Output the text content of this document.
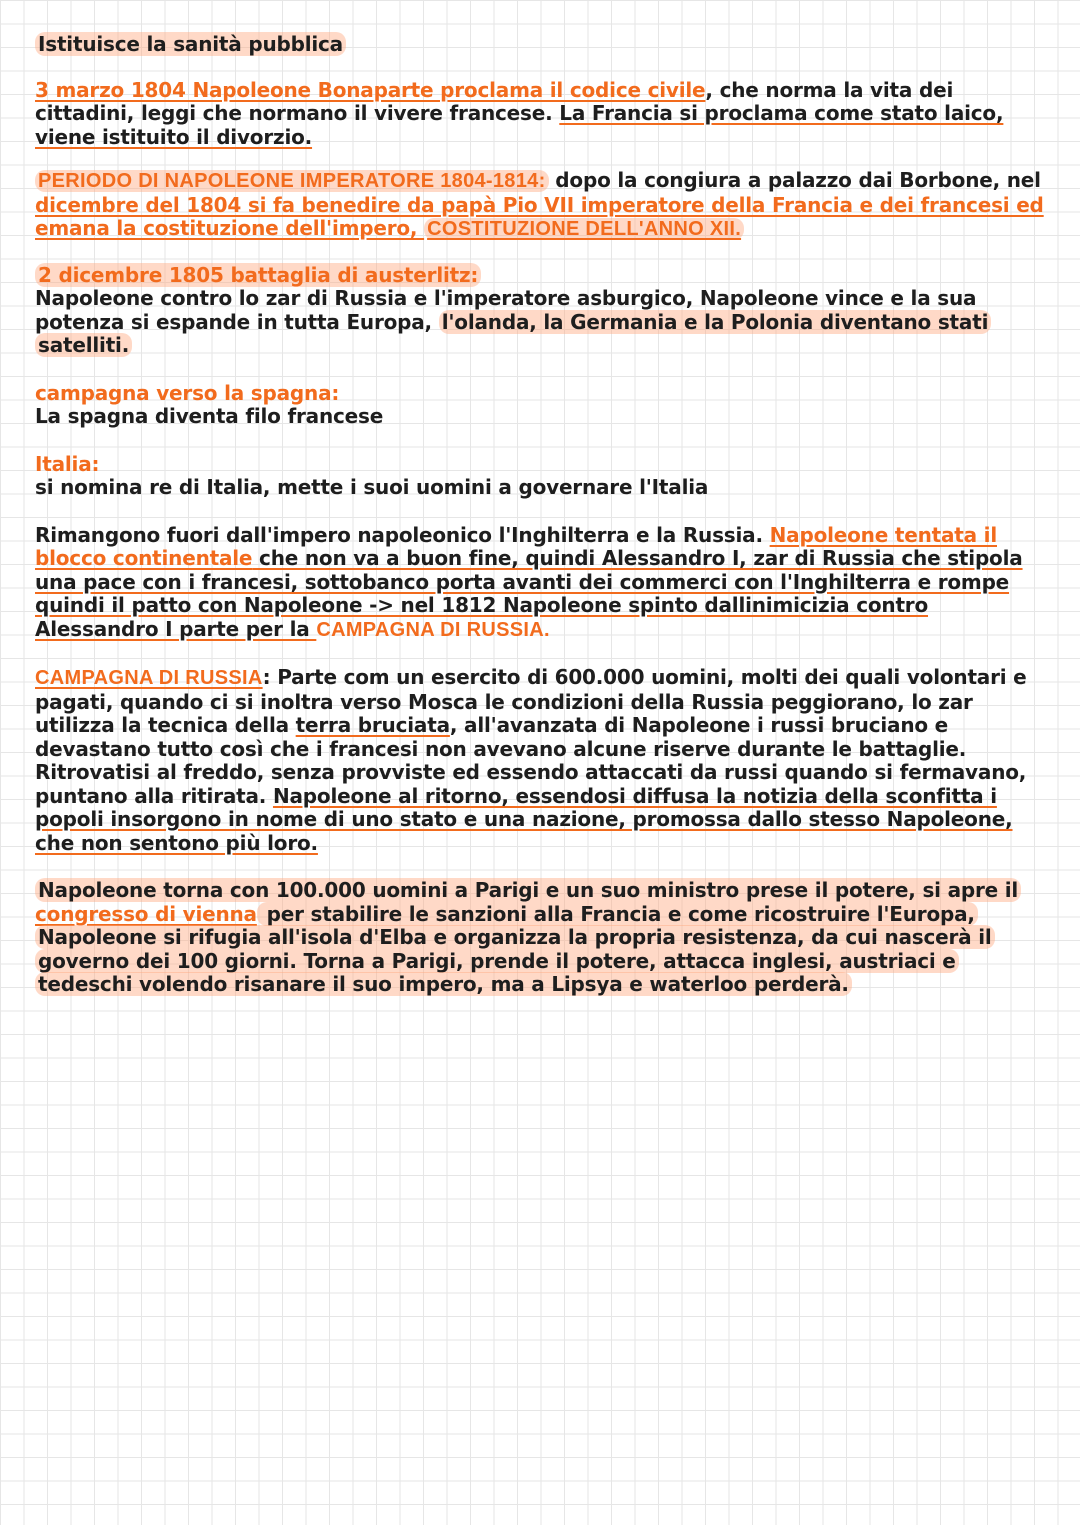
Istituisce la sanità pubblica

3 marzo 1804 Napoleone Bonaparte proclama il codice civile, che norma la vita dei cittadini, leggi che normano il vivere francese. La Francia si proclama come stato laico, viene istituito il divorzio.

PERIODO DI NAPOLEONE IMPERATORE 1804-1814: dopo la congiura a palazzo dai Borbone, nel dicembre del 1804 si fa benedire da papà Pio VII imperatore della Francia e dei francesi ed emana la costituzione dell'impero, COSTITUZIONE DELL'ANNO XII.

2 dicembre 1805 battaglia di austerlitz:

Napoleone contro lo zar di Russia e l'imperatore asburgico, Napoleone vince e la sua potenza si espande in tutta Europa, l'olanda, la Germania e la Polonia diventano stati satelliti.

campagna verso la spagna:

La spagna diventa filo francese

Italia:

si nomina re di Italia, mette i suoi uomini a governare l'Italia

Rimangono fuori dall'impero napoleonico l'Inghilterra e la Russia. Napoleone tentata il blocco continentale che non va a buon fine, quindi Alessandro I, zar di Russia che stipola una pace con i francesi, sottobanco porta avanti dei commerci con l'Inghilterra e rompe quindi il patto con Napoleone -> nel 1812 Napoleone spinto dallinimicizia contro Alessandro I parte per la CAMPAGNA DI RUSSIA.

CAMPAGNA DI RUSSIA: Parte com un esercito di 600.000 uomini, molti dei quali volontari e pagati, quando ci si inoltra verso Mosca le condizioni della Russia peggiorano, lo zar utilizza la tecnica della terra bruciata, all'avanzata di Napoleone i russi bruciano e devastano tutto così che i francesi non avevano alcune riserve durante le battaglie. Ritrovatisi al freddo, senza provviste ed essendo attaccati da russi quando si fermavano, puntano alla ritirata. Napoleone al ritorno, essendosi diffusa la notizia della sconfitta i popoli insorgono in nome di uno stato e una nazione, promossa dallo stesso Napoleone, che non sentono più loro.

Napoleone torna con 100.000 uomini a Parigi e un suo ministro prese il potere, si apre il congresso di vienna per stabilire le sanzioni alla Francia e come ricostruire l'Europa, Napoleone si rifugia all'isola d'Elba e organizza la propria resistenza, da cui nascerà il governo dei 100 giorni. Torna a Parigi, prende il potere, attacca inglesi, austriaci e tedeschi volendo risanare il suo impero, ma a Lipsya e waterloo perderà.
